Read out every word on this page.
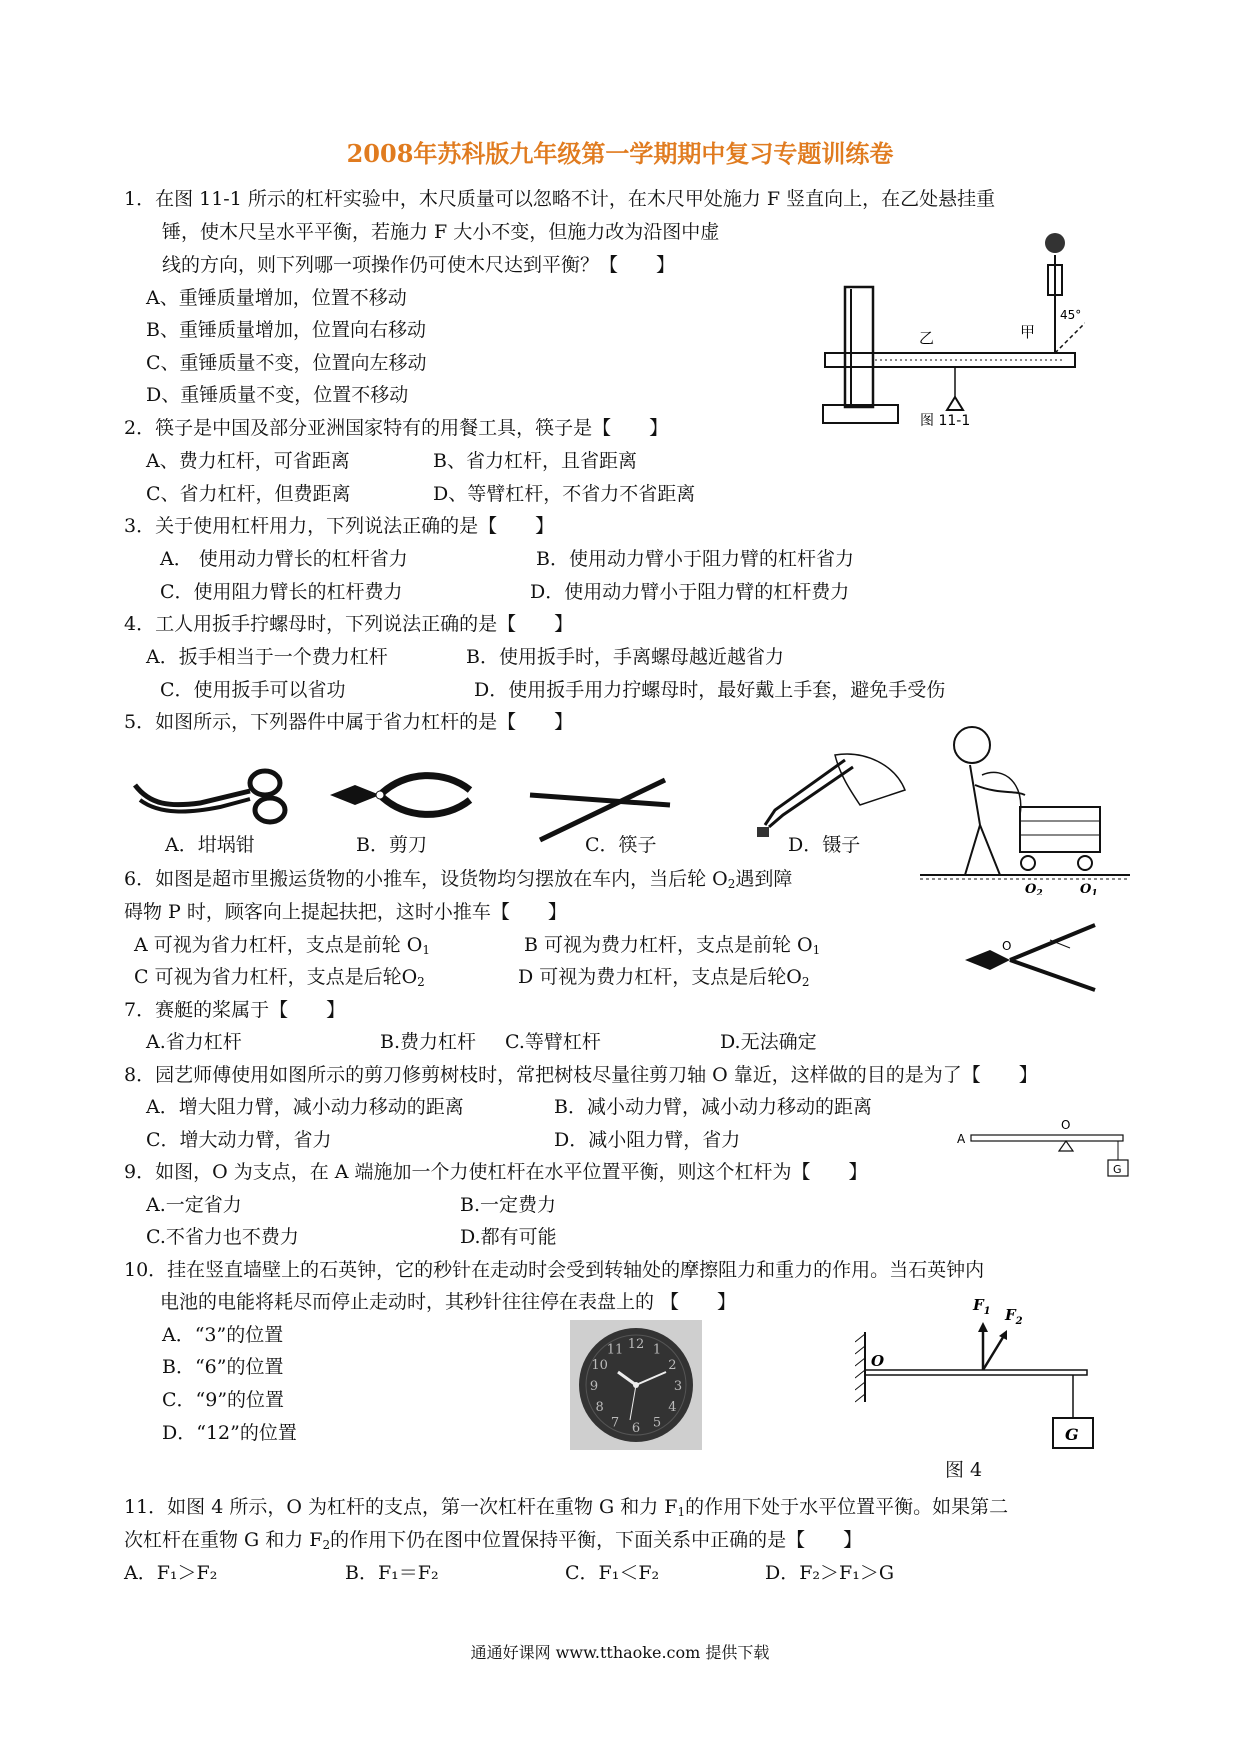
2008年苏科版九年级第一学期期中复习专题训练卷
1．在图 11-1 所示的杠杆实验中，木尺质量可以忽略不计，在木尺甲处施力 F 竖直向上，在乙处悬挂重
锤，使木尺呈水平平衡，若施力 F 大小不变，但施力改为沿图中虚
线的方向，则下列哪一项操作仍可使木尺达到平衡？【　　】
A、重锤质量增加，位置不移动
B、重锤质量增加，位置向右移动
C、重锤质量不变，位置向左移动
D、重锤质量不变，位置不移动
乙	甲
45°
图 11-1
2．筷子是中国及部分亚洲国家特有的用餐工具，筷子是【　　】
A、费力杠杆，可省距离	B、省力杠杆，且省距离
C、省力杠杆，但费距离	D、等臂杠杆，不省力不省距离
3．关于使用杠杆用力，下列说法正确的是【　　】
A． 使用动力臂长的杠杆省力	B．使用动力臂小于阻力臂的杠杆省力
C．使用阻力臂长的杠杆费力	D．使用动力臂小于阻力臂的杠杆费力
4．工人用扳手拧螺母时，下列说法正确的是【　　】
A．扳手相当于一个费力杠杆	B．使用扳手时，手离螺母越近越省力
C．使用扳手可以省功	D．使用扳手用力拧螺母时，最好戴上手套，避免手受伤
5．如图所示，下列器件中属于省力杠杆的是【　　】
A．坩埚钳	B．剪刀	C．筷子	D．镊子
$O_2$	$O_1$
6．如图是超市里搬运货物的小推车，设货物均匀摆放在车内，当后轮 $O_2$遇到障
碍物 P 时，顾客向上提起扶把，这时小推车【　　】
A 可视为省力杠杆，支点是前轮 $O_1$	B 可视为费力杠杆，支点是前轮 $O_1$
C 可视为省力杠杆，支点是后轮$O_2$	D 可视为费力杠杆，支点是后轮$O_2$
O
7．赛艇的桨属于【　　】
A.省力杠杆	B.费力杠杆 C.等臂杠杆	D.无法确定
8．园艺师傅使用如图所示的剪刀修剪树枝时，常把树枝尽量往剪刀轴 O 靠近，这样做的目的是为了【　　】
A．增大阻力臂，减小动力移动的距离	B．减小动力臂，减小动力移动的距离
C．增大动力臂，省力	D．减小阻力臂，省力	A
O
G
9．如图，O 为支点，在 A 端施加一个力使杠杆在水平位置平衡，则这个杠杆为【　　】
A.一定省力	B.一定费力
C.不省力也不费力	D.都有可能
10．挂在竖直墙壁上的石英钟，它的秒针在走动时会受到转轴处的摩擦阻力和重力的作用。当石英钟内
电池的电能将耗尽而停止走动时，其秒针往往停在表盘上的 【　　】
A．“3”的位置
B．“6”的位置
C．“9”的位置
D．“12”的位置
12 1
2
3
4
5
6
7
8
9
10
11
G
O
$F_1$ $F_2$
图 4
11．如图 4 所示，O 为杠杆的支点，第一次杠杆在重物 G 和力 $F_1$的作用下处于水平位置平衡。如果第二
次杠杆在重物 G 和力 $F_2$的作用下仍在图中位置保持平衡，下面关系中正确的是【　　】
A．F₁＞F₂	B．F₁＝F₂	C．F₁＜F₂	D．F₂＞F₁＞G
通通好课网 www.tthaoke.com 提供下载
